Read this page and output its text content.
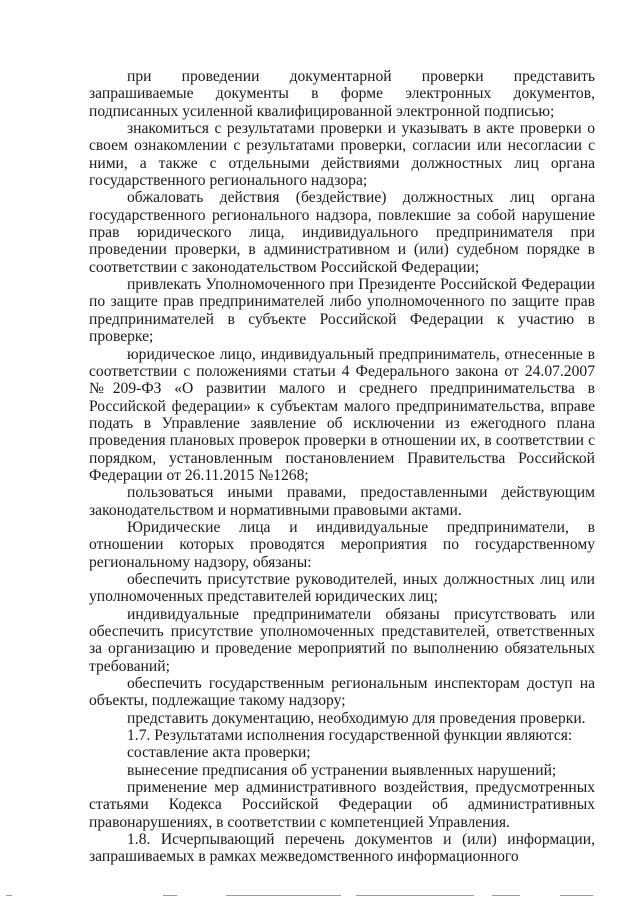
при проведении документарной проверки представить запрашиваемые документы в форме электронных документов, подписанных усиленной квалифицированной электронной подписью;

знакомиться с результатами проверки и указывать в акте проверки о своем ознакомлении с результатами проверки, согласии или несогласии с ними, а также с отдельными действиями должностных лиц органа государственного регионального надзора;

обжаловать действия (бездействие) должностных лиц органа государственного регионального надзора, повлекшие за собой нарушение прав юридического лица, индивидуального предпринимателя при проведении проверки, в административном и (или) судебном порядке в соответствии с законодательством Российской Федерации;

привлекать Уполномоченного при Президенте Российской Федерации по защите прав предпринимателей либо уполномоченного по защите прав предпринимателей в субъекте Российской Федерации к участию в проверке;

юридическое лицо, индивидуальный предприниматель, отнесенные в соответствии с положениями статьи 4 Федерального закона от 24.07.2007 №209-ФЗ «О развитии малого и среднего предпринимательства в Российской федерации» к субъектам малого предпринимательства, вправе подать в Управление заявление об исключении из ежегодного плана проведения плановых проверок проверки в отношении их, в соответствии с порядком, установленным постановлением Правительства Российской Федерации от 26.11.2015 №1268;

пользоваться иными правами, предоставленными действующим законодательством и нормативными правовыми актами.

Юридические лица и индивидуальные предприниматели, в отношении которых проводятся мероприятия по государственному региональному надзору, обязаны:

обеспечить присутствие руководителей, иных должностных лиц или уполномоченных представителей юридических лиц;

индивидуальные предприниматели обязаны присутствовать или обеспечить присутствие уполномоченных представителей, ответственных за организацию и проведение мероприятий по выполнению обязательных требований;

обеспечить государственным региональным инспекторам доступ на объекты, подлежащие такому надзору;

представить документацию, необходимую для проведения проверки.

1.7. Результатами исполнения государственной функции являются:

составление акта проверки;

вынесение предписания об устранении выявленных нарушений;

применение мер административного воздействия, предусмотренных статьями Кодекса Российской Федерации об административных правонарушениях, в соответствии с компетенцией Управления.

1.8. Исчерпывающий перечень документов и (или) информации, запрашиваемых в рамках межведомственного информационного
